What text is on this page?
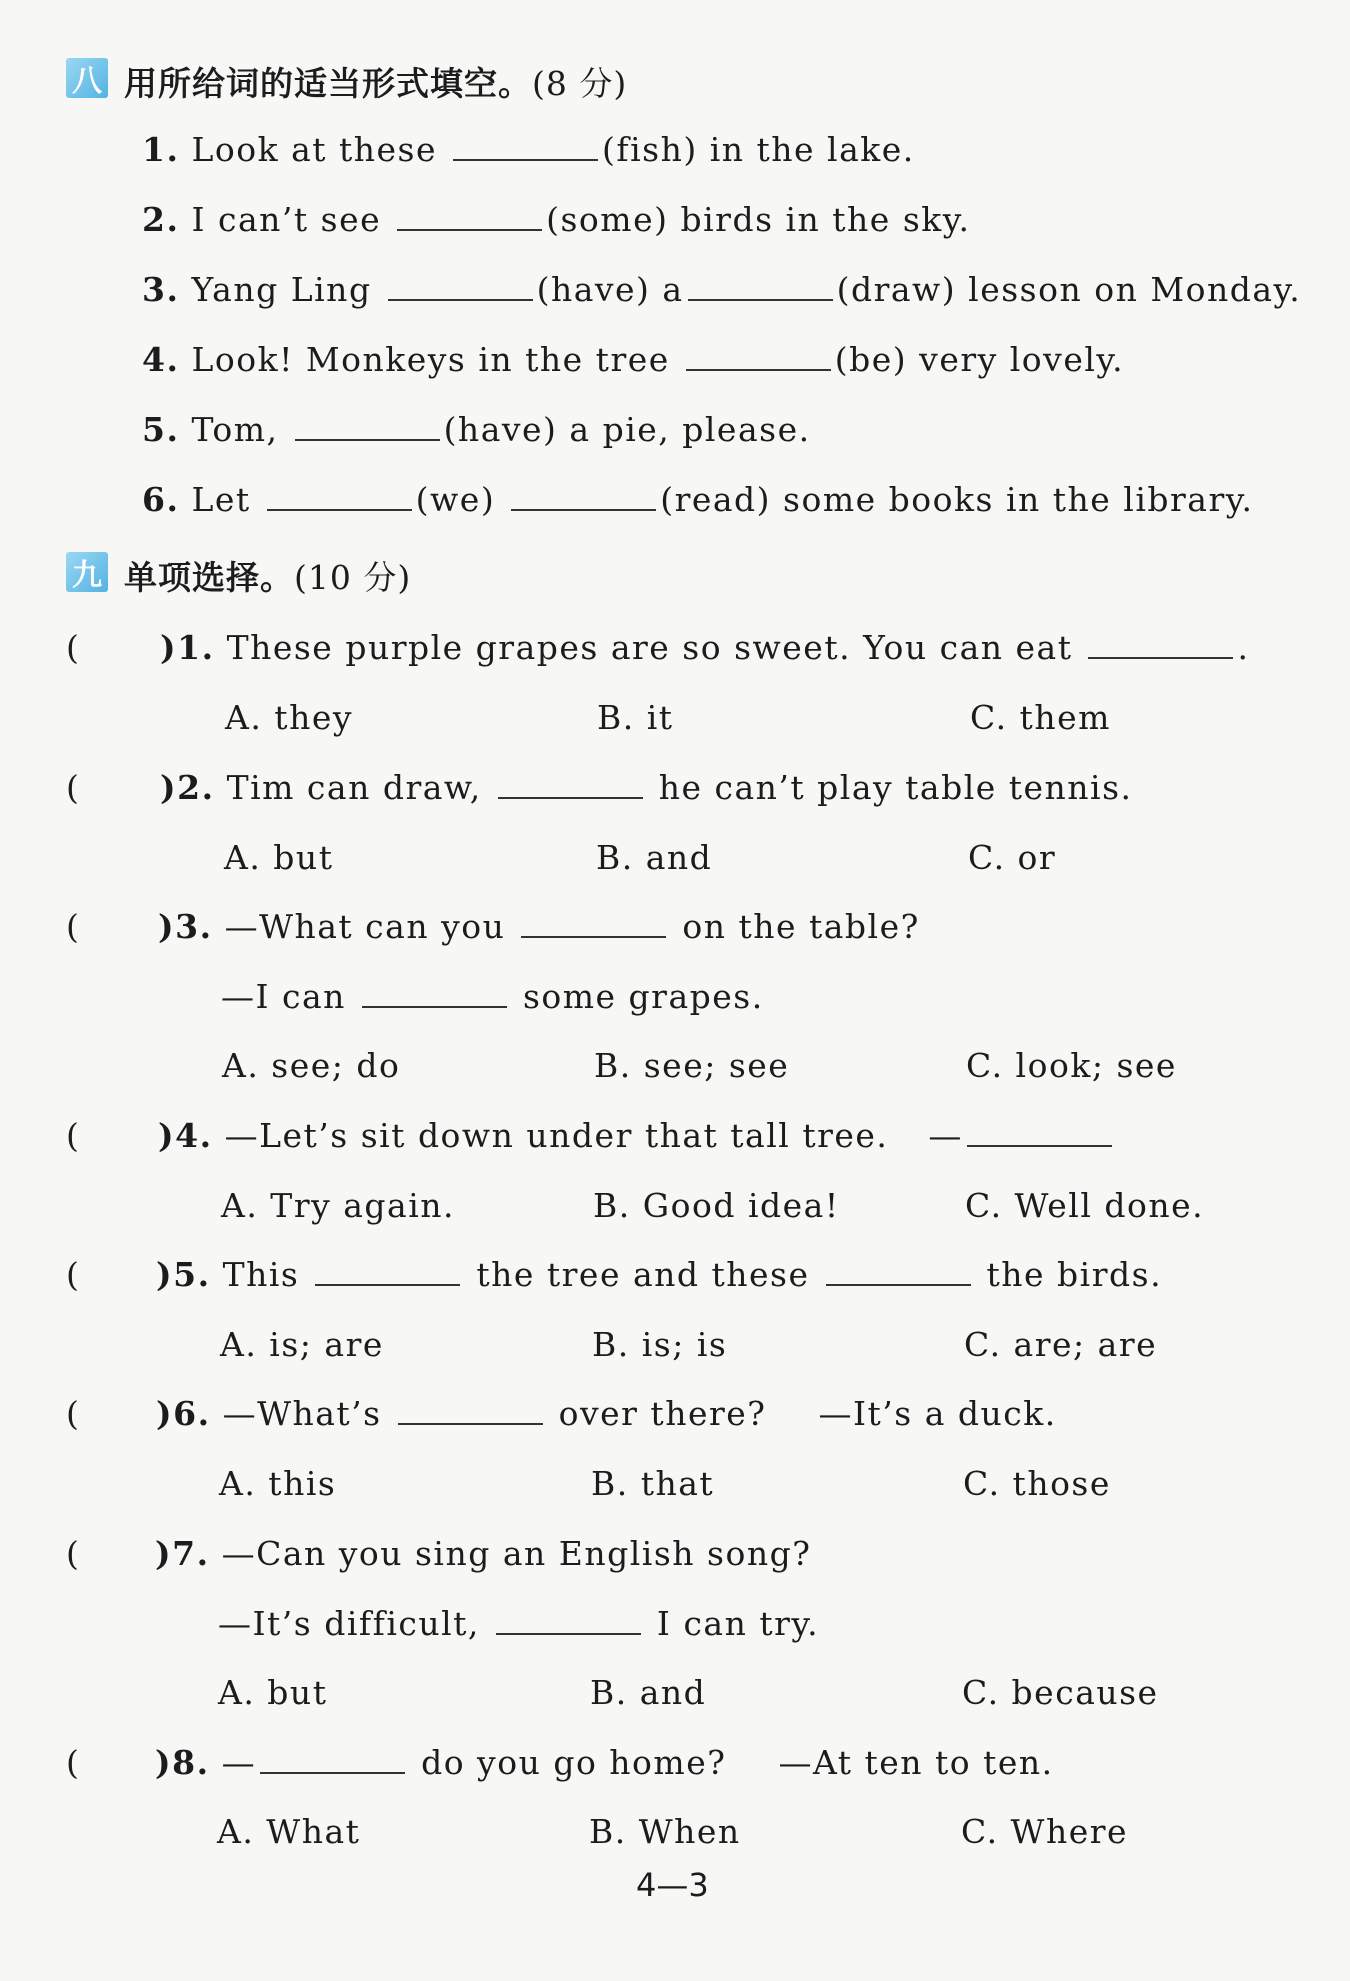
八 用所给词的适当形式填空。(8 分)
1. Look at these	(fish) in the lake.
2. I can’t see	(some) birds in the sky.
3. Yang Ling	(have) a	(draw) lesson on Monday.
4. Look! Monkeys in the tree	(be) very lovely.
5. Tom,	(have) a pie, please.
6. Let	(we)	(read) some books in the library.
九 单项选择。(10 分)
( )1. These purple grapes are so sweet. You can eat	.
A. they	B. it	C. them
( )2. Tim can draw,	he can’t play table tennis.
A. but	B. and	C. or
( )3. —What can you	on the table?
—I can	some grapes.
A. see; do	B. see; see	C. look; see
( )4. —Let’s sit down under that tall tree. —
A. Try again.	B. Good idea!	C. Well done.
( )5. This	the tree and these	the birds.
A. is; are	B. is; is	C. are; are
( )6. —What’s	over there? —It’s a duck.
A. this	B. that	C. those
( )7. —Can you sing an English song?
—It’s difficult,	I can try.
A. but	B. and	C. because
( )8. —	do you go home? —At ten to ten.
A. What	B. When	C. Where
4—3
